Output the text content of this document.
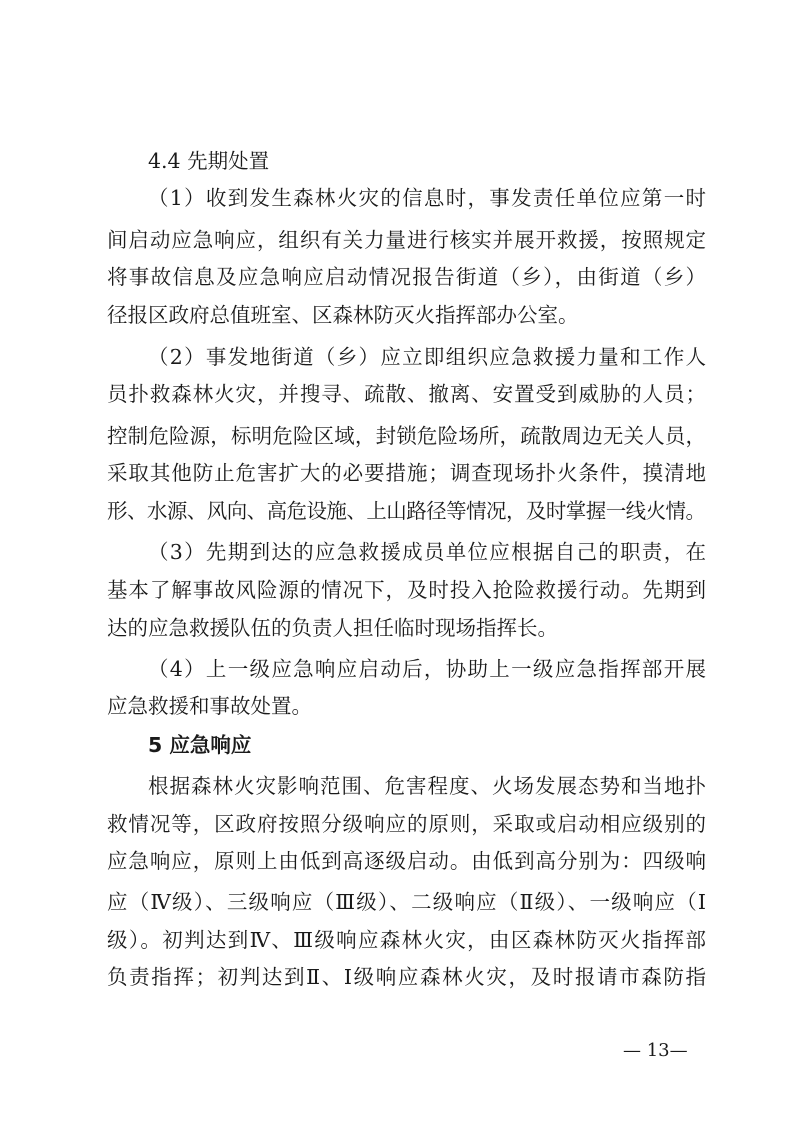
4.4 先期处置
（1）收到发生森林火灾的信息时，事发责任单位应第一时
间启动应急响应，组织有关力量进行核实并展开救援，按照规定
将事故信息及应急响应启动情况报告街道（乡），由街道（乡）
径报区政府总值班室、区森林防灭火指挥部办公室。
（2）事发地街道（乡）应立即组织应急救援力量和工作人
员扑救森林火灾，并搜寻、疏散、撤离、安置受到威胁的人员；
控制危险源，标明危险区域，封锁危险场所，疏散周边无关人员，
采取其他防止危害扩大的必要措施；调查现场扑火条件，摸清地
形、水源、风向、高危设施、上山路径等情况，及时掌握一线火情。
（3）先期到达的应急救援成员单位应根据自己的职责，在
基本了解事故风险源的情况下，及时投入抢险救援行动。先期到
达的应急救援队伍的负责人担任临时现场指挥长。
（4）上一级应急响应启动后，协助上一级应急指挥部开展
应急救援和事故处置。
5 应急响应
根据森林火灾影响范围、危害程度、火场发展态势和当地扑
救情况等，区政府按照分级响应的原则，采取或启动相应级别的
应急响应，原则上由低到高逐级启动。由低到高分别为：四级响
应（Ⅳ级）、三级响应（Ⅲ级）、二级响应（Ⅱ级）、一级响应（Ⅰ
级）。初判达到Ⅳ、Ⅲ级响应森林火灾，由区森林防灭火指挥部
负责指挥；初判达到Ⅱ、Ⅰ级响应森林火灾，及时报请市森防指
— 13—
